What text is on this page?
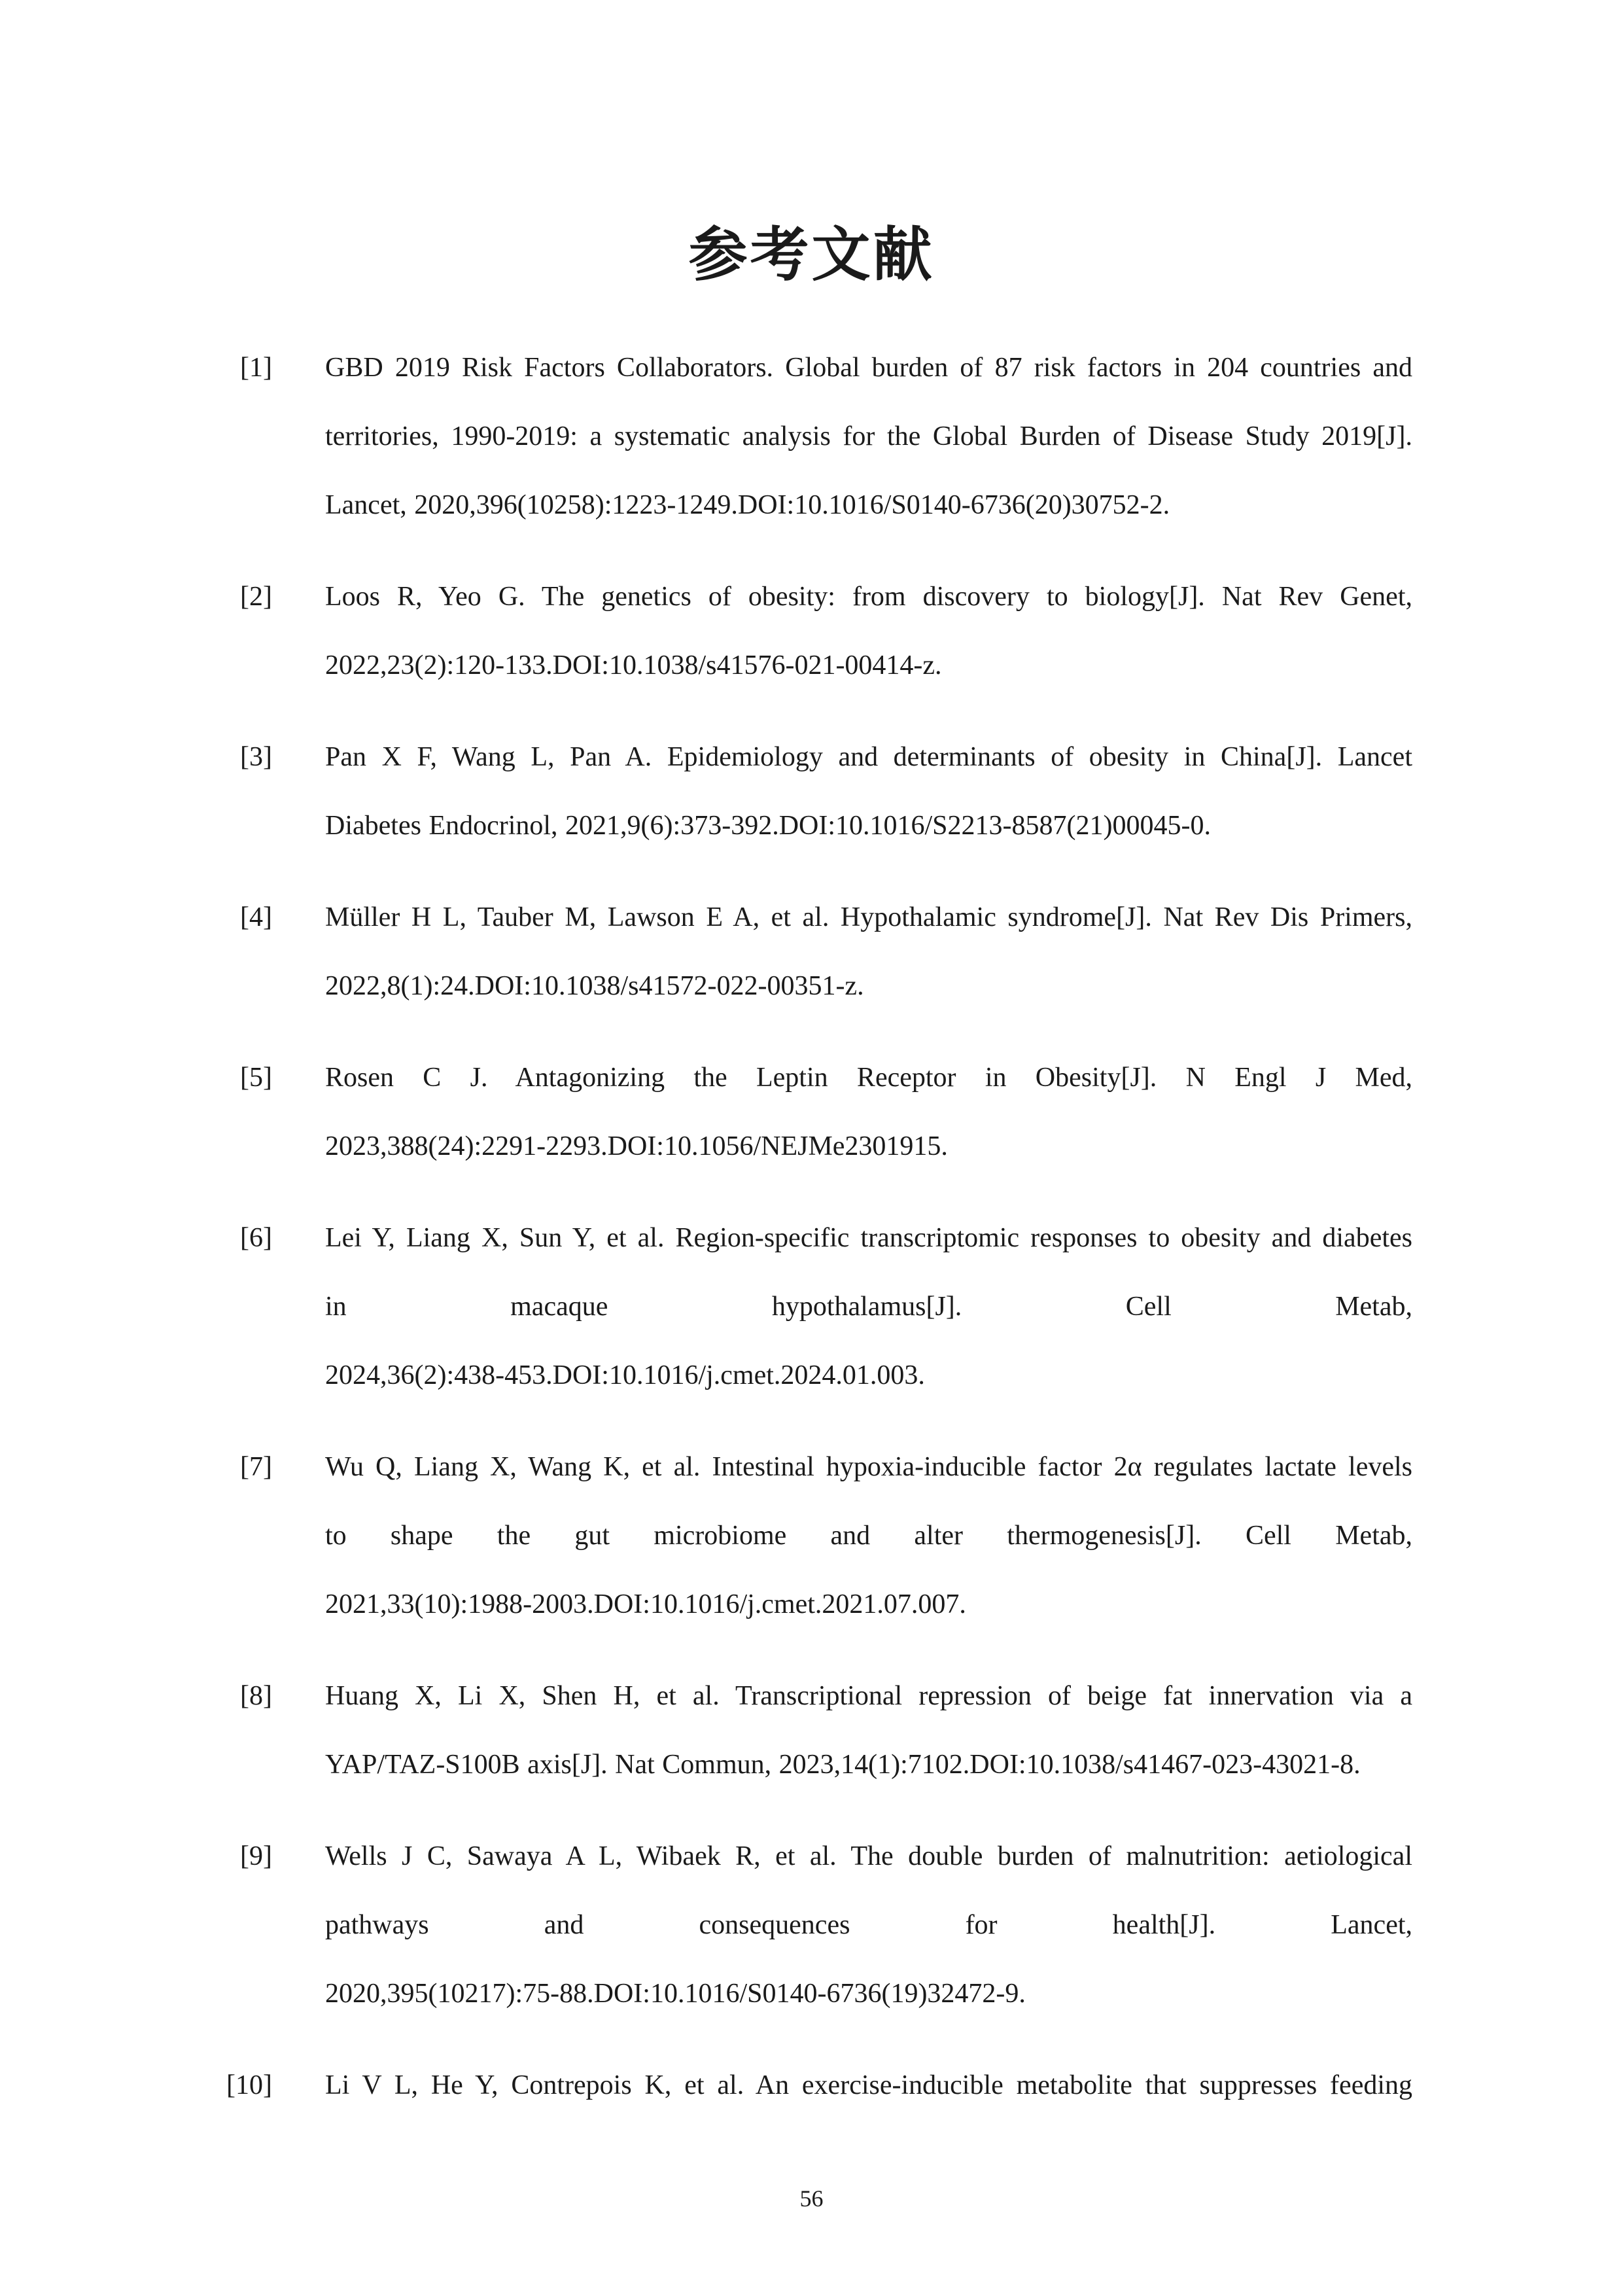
参考文献
[1] GBD 2019 Risk Factors Collaborators. Global burden of 87 risk factors in 204 countries and
territories, 1990-2019: a systematic analysis for the Global Burden of Disease Study 2019[J].
Lancet, 2020,396(10258):1223-1249.DOI:10.1016/S0140-6736(20)30752-2.
[2] Loos R, Yeo G. The genetics of obesity: from discovery to biology[J]. Nat Rev Genet,
2022,23(2):120-133.DOI:10.1038/s41576-021-00414-z.
[3] Pan X F, Wang L, Pan A. Epidemiology and determinants of obesity in China[J]. Lancet
Diabetes Endocrinol, 2021,9(6):373-392.DOI:10.1016/S2213-8587(21)00045-0.
[4] Müller H L, Tauber M, Lawson E A, et al. Hypothalamic syndrome[J]. Nat Rev Dis Primers,
2022,8(1):24.DOI:10.1038/s41572-022-00351-z.
[5] Rosen C J. Antagonizing the Leptin Receptor in Obesity[J]. N Engl J Med,
2023,388(24):2291-2293.DOI:10.1056/NEJMe2301915.
[6] Lei Y, Liang X, Sun Y, et al. Region-specific transcriptomic responses to obesity and diabetes
in macaque hypothalamus[J]. Cell Metab,
2024,36(2):438-453.DOI:10.1016/j.cmet.2024.01.003.
[7] Wu Q, Liang X, Wang K, et al. Intestinal hypoxia-inducible factor 2α regulates lactate levels
to shape the gut microbiome and alter thermogenesis[J]. Cell Metab,
2021,33(10):1988-2003.DOI:10.1016/j.cmet.2021.07.007.
[8] Huang X, Li X, Shen H, et al. Transcriptional repression of beige fat innervation via a
YAP/TAZ-S100B axis[J]. Nat Commun, 2023,14(1):7102.DOI:10.1038/s41467-023-43021-8.
[9] Wells J C, Sawaya A L, Wibaek R, et al. The double burden of malnutrition: aetiological
pathways and consequences for health[J]. Lancet,
2020,395(10217):75-88.DOI:10.1016/S0140-6736(19)32472-9.
[10] Li V L, He Y, Contrepois K, et al. An exercise-inducible metabolite that suppresses feeding
56
